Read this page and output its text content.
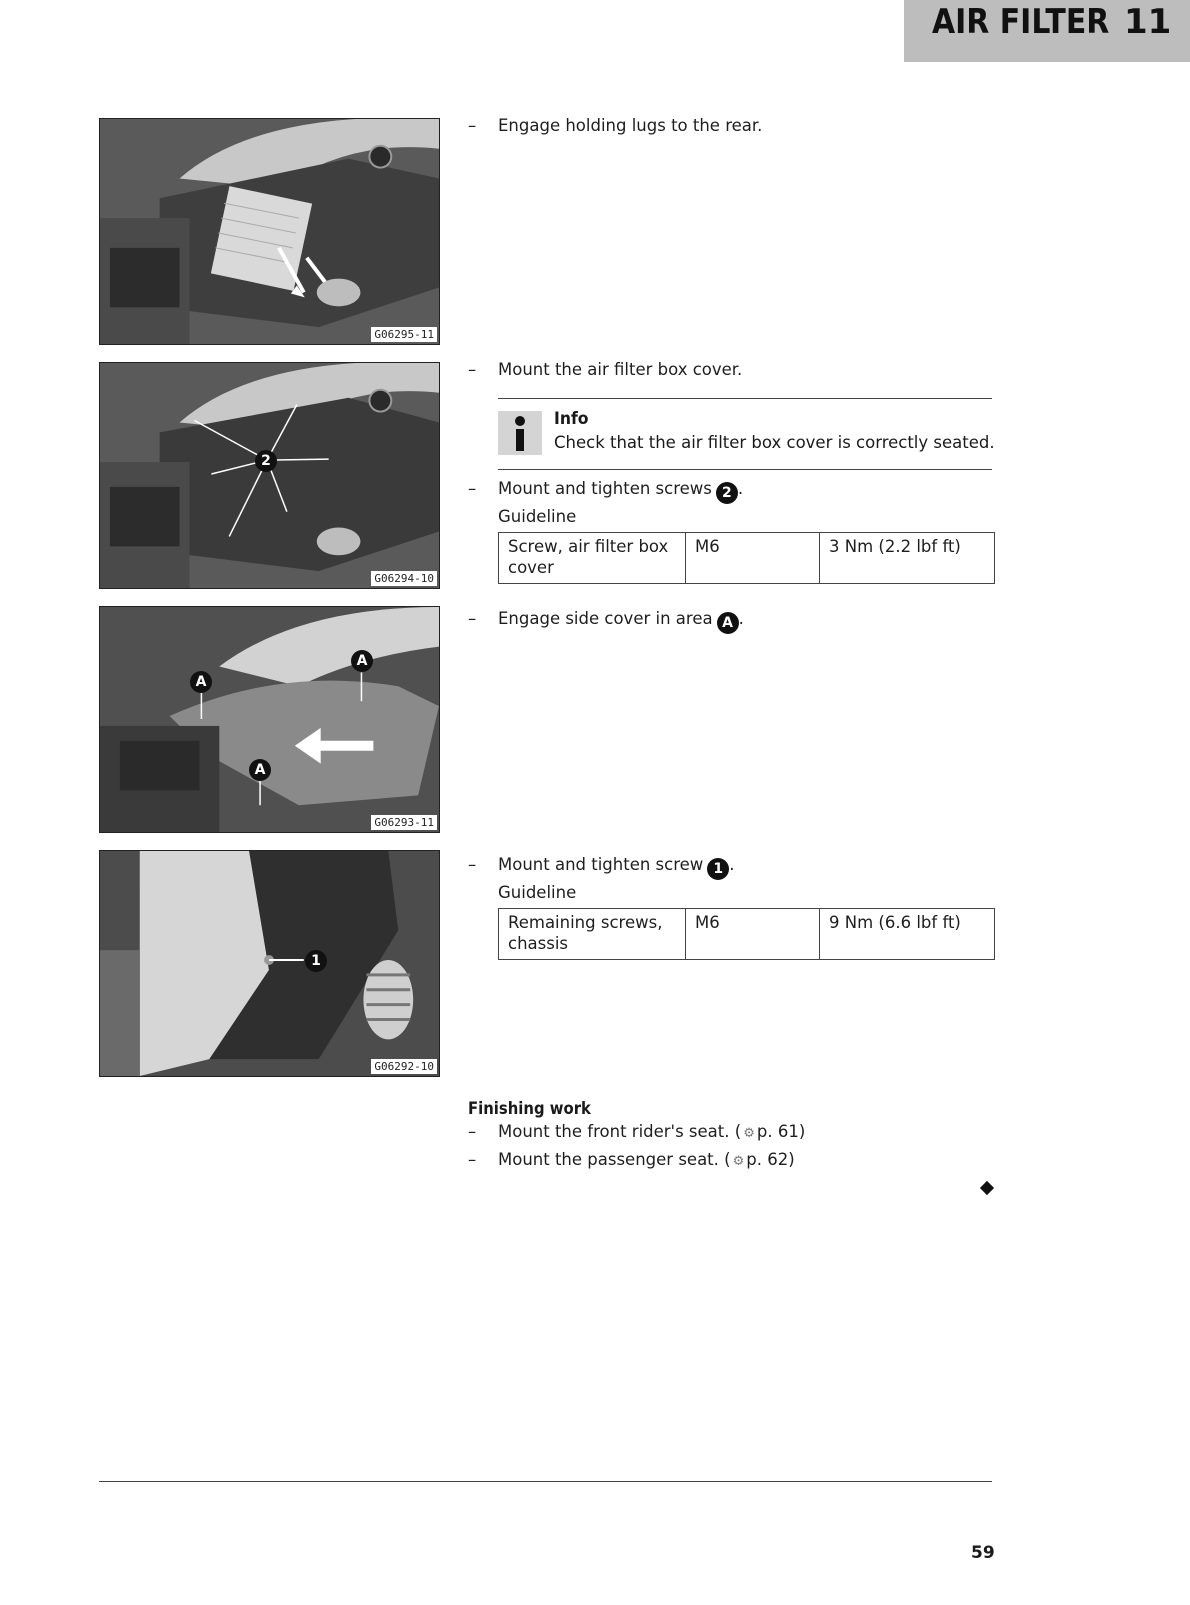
AIR FILTER 11
G06295-11
2
G06294-10
A
A
A
G06293-11
1
G06292-10
– Engage holding lugs to the rear.
– Mount the air filter box cover.
Info
Check that the air filter box cover is correctly seated.
– Mount and tighten screws 2 .
Guideline
Screw, air filter box
cover	M6	3 Nm (2.2 lbf ft)
– Engage side cover in area A .
– Mount and tighten screw 1 .
Guideline
Remaining screws,
chassis	M6	9 Nm (6.6 lbf ft)
Finishing work
– Mount the front rider's seat. ( ⚙ p. 61)
– Mount the passenger seat. ( ⚙ p. 62)
59
